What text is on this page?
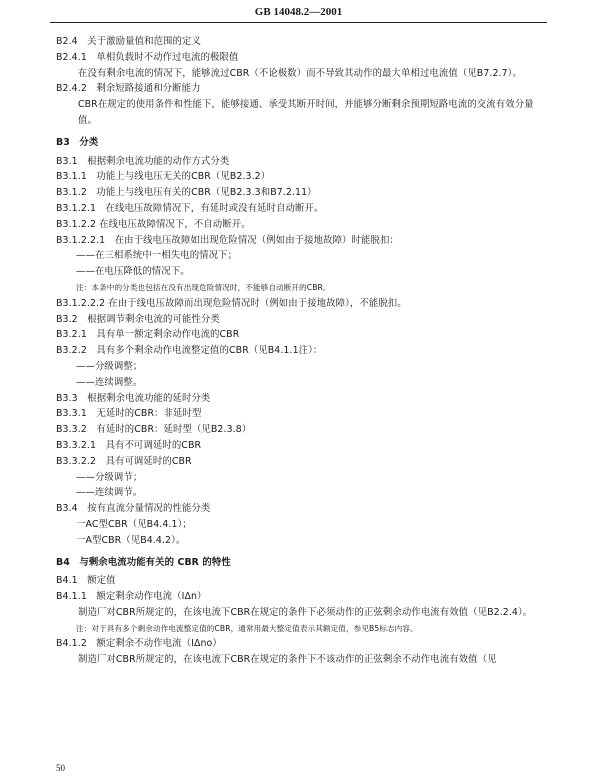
GB 14048.2—2001
B2.4　关于激励量值和范围的定义
B2.4.1　单相负载时不动作过电流的极限值
在没有剩余电流的情况下，能够流过CBR（不论极数）而不导致其动作的最大单相过电流值（见B7.2.7）。
B2.4.2　剩余短路接通和分断能力
CBR在规定的使用条件和性能下，能够接通、承受其断开时间，并能够分断剩余预期短路电流的交流有效分量值。
B3　分类
B3.1　根据剩余电流功能的动作方式分类
B3.1.1　功能上与线电压无关的CBR（见B2.3.2）
B3.1.2　功能上与线电压有关的CBR（见B2.3.3和B7.2.11）
B3.1.2.1　在线电压故障情况下，有延时或没有延时自动断开。
B3.1.2.2 在线电压故障情况下，不自动断开。
B3.1.2.2.1　在由于线电压故障如出现危险情况（例如由于接地故障）时能脱扣：
——在三相系统中一相失电的情况下；
——在电压降低的情况下。
注：本条中的分类也包括在没有出现危险情况时，不能够自动断开的CBR。
B3.1.2.2.2 在由于线电压故障而出现危险情况时（例如由于接地故障），不能脱扣。
B3.2　根据调节剩余电流的可能性分类
B3.2.1　具有单一额定剩余动作电流的CBR
B3.2.2　具有多个剩余动作电流整定值的CBR（见B4.1.1注）：
——分级调整；
——连续调整。
B3.3　根据剩余电流功能的延时分类
B3.3.1　无延时的CBR：非延时型
B3.3.2　有延时的CBR：延时型（见B2.3.8）
B3.3.2.1　具有不可调延时的CBR
B3.3.2.2　具有可调延时的CBR
——分级调节；
——连续调节。
B3.4　按有直流分量情况的性能分类
一AC型CBR（见B4.4.1）；
一A型CBR（见B4.4.2）。
B4　与剩余电流功能有关的 CBR 的特性
B4.1　额定值
B4.1.1　额定剩余动作电流（IΔn）
制造厂对CBR所规定的，在该电流下CBR在规定的条件下必须动作的正弦剩余动作电流有效值（见B2.2.4）。
注：对于具有多个剩余动作电流整定值的CBR，通常用最大整定值表示其额定值，参见B5标志内容。
B4.1.2　额定剩余不动作电流（IΔno）
制造厂对CBR所规定的，在该电流下CBR在规定的条件下不该动作的正弦剩余不动作电流有效值（见
50
